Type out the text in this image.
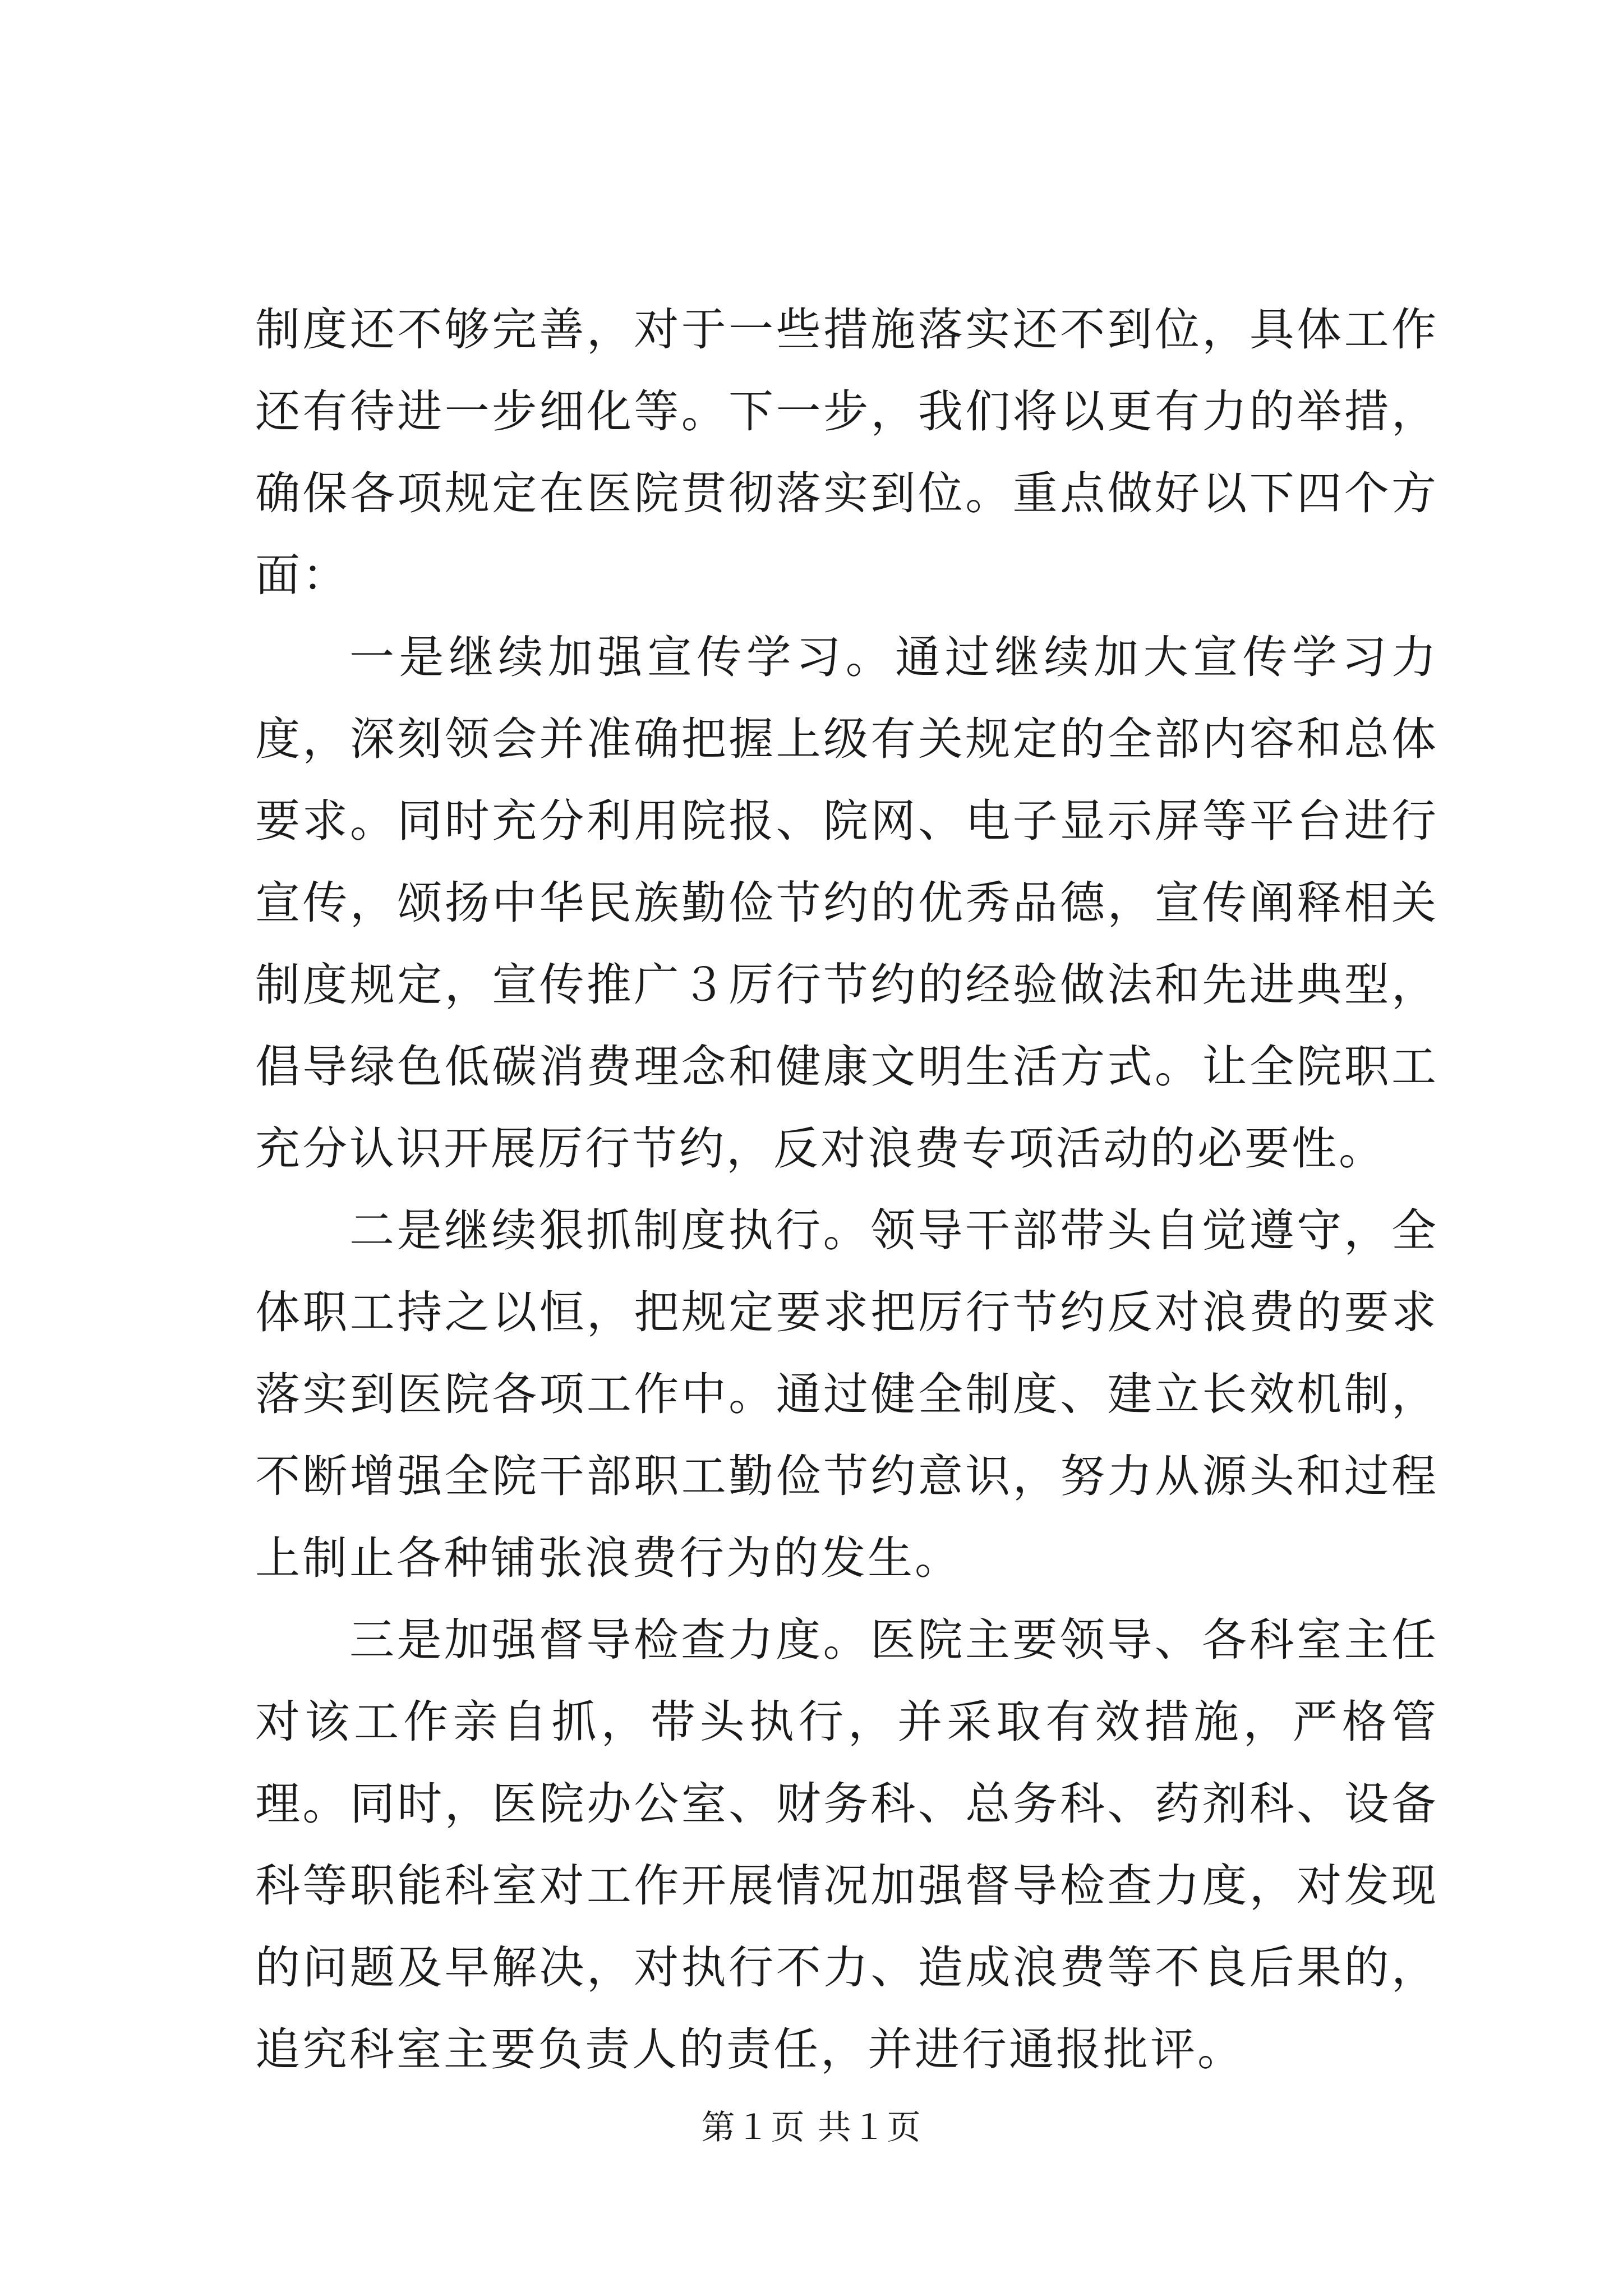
制度还不够完善，对于一些措施落实还不到位，具体工作还有待进一步细化等。下一步，我们将以更有力的举措，确保各项规定在医院贯彻落实到位。重点做好以下四个方面：

一是继续加强宣传学习。通过继续加大宣传学习力度，深刻领会并准确把握上级有关规定的全部内容和总体要求。同时充分利用院报、院网、电子显示屏等平台进行宣传，颂扬中华民族勤俭节约的优秀品德，宣传阐释相关制度规定，宣传推广３厉行节约的经验做法和先进典型，倡导绿色低碳消费理念和健康文明生活方式。让全院职工充分认识开展厉行节约，反对浪费专项活动的必要性。

二是继续狠抓制度执行。领导干部带头自觉遵守，全体职工持之以恒，把规定要求把厉行节约反对浪费的要求落实到医院各项工作中。通过健全制度、建立长效机制，不断增强全院干部职工勤俭节约意识，努力从源头和过程上制止各种铺张浪费行为的发生。

三是加强督导检查力度。医院主要领导、各科室主任对该工作亲自抓，带头执行，并采取有效措施，严格管理。同时，医院办公室、财务科、总务科、药剂科、设备科等职能科室对工作开展情况加强督导检查力度，对发现的问题及早解决，对执行不力、造成浪费等不良后果的，追究科室主要负责人的责任，并进行通报批评。

第１页 共１页
